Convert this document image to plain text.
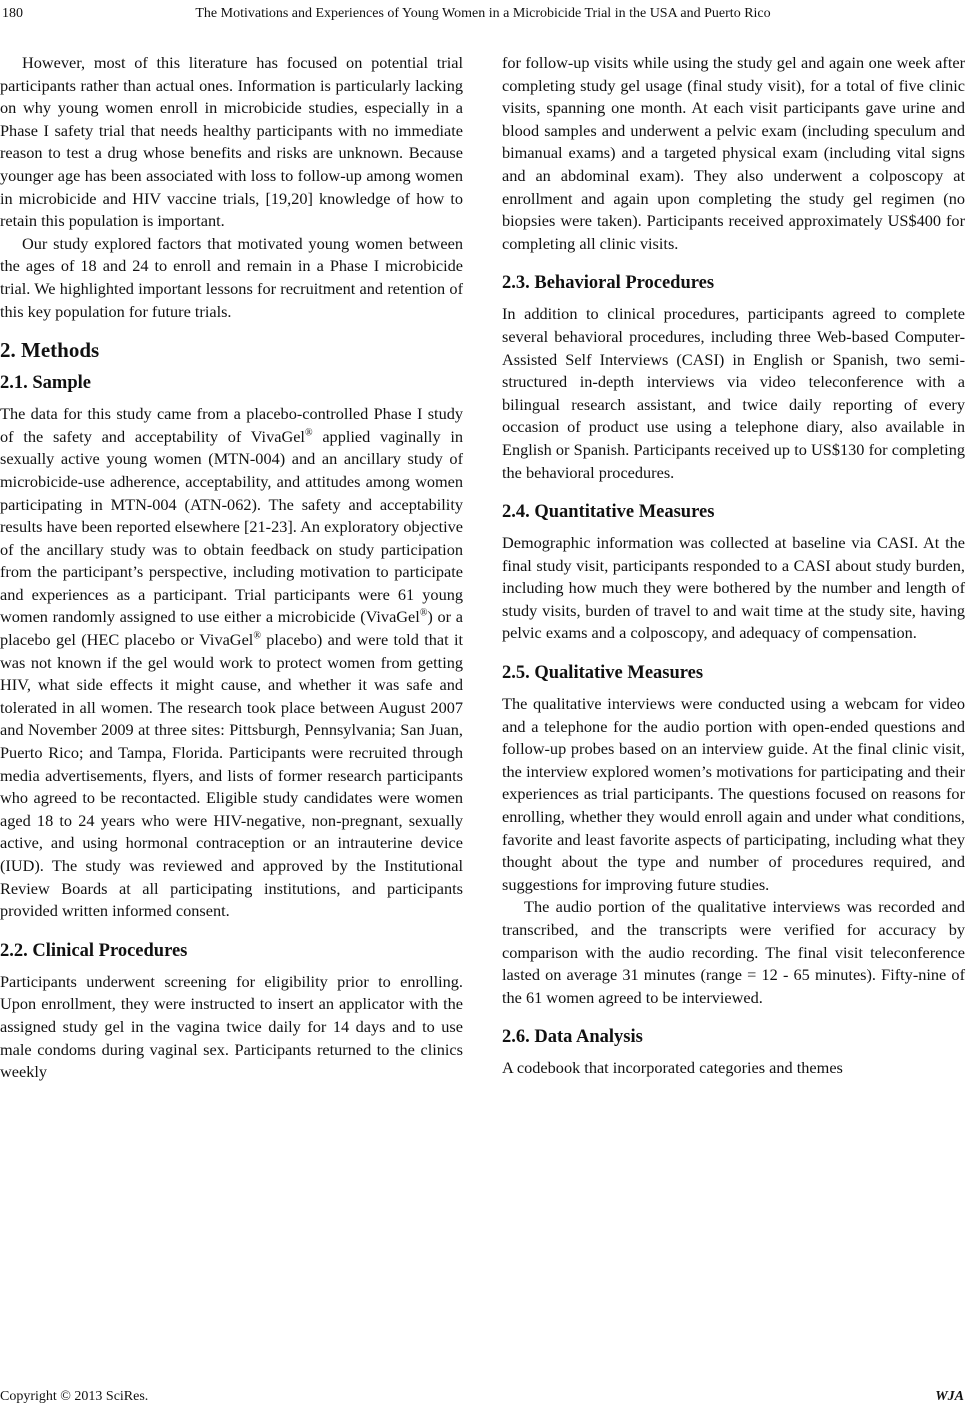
180	The Motivations and Experiences of Young Women in a Microbicide Trial in the USA and Puerto Rico

However, most of this literature has focused on potential trial participants rather than actual ones. Information is particularly lacking on why young women enroll in microbicide studies, especially in a Phase I safety trial that needs healthy participants with no immediate reason to test a drug whose benefits and risks are unknown. Because younger age has been associated with loss to follow-up among women in microbicide and HIV vaccine trials, [19,20] knowledge of how to retain this population is important.

Our study explored factors that motivated young women between the ages of 18 and 24 to enroll and remain in a Phase I microbicide trial. We highlighted important lessons for recruitment and retention of this key population for future trials.

2. Methods
2.1. Sample

The data for this study came from a placebo-controlled Phase I study of the safety and acceptability of VivaGel® applied vaginally in sexually active young women (MTN-004) and an ancillary study of microbicide-use adherence, acceptability, and attitudes among women participating in MTN-004 (ATN-062). The safety and acceptability results have been reported elsewhere [21-23]. An exploratory objective of the ancillary study was to obtain feedback on study participation from the participant’s perspective, including motivation to participate and experiences as a participant. Trial participants were 61 young women randomly assigned to use either a microbicide (VivaGel®) or a placebo gel (HEC placebo or VivaGel® placebo) and were told that it was not known if the gel would work to protect women from getting HIV, what side effects it might cause, and whether it was safe and tolerated in all women. The research took place between August 2007 and November 2009 at three sites: Pittsburgh, Pennsylvania; San Juan, Puerto Rico; and Tampa, Florida. Participants were recruited through media advertisements, flyers, and lists of former research participants who agreed to be recontacted. Eligible study candidates were women aged 18 to 24 years who were HIV-negative, non-pregnant, sexually active, and using hormonal contraception or an intrauterine device (IUD). The study was reviewed and approved by the Institutional Review Boards at all participating institutions, and participants provided written informed consent.

2.2. Clinical Procedures

Participants underwent screening for eligibility prior to enrolling. Upon enrollment, they were instructed to insert an applicator with the assigned study gel in the vagina twice daily for 14 days and to use male condoms during vaginal sex. Participants returned to the clinics weekly

for follow-up visits while using the study gel and again one week after completing study gel usage (final study visit), for a total of five clinic visits, spanning one month. At each visit participants gave urine and blood samples and underwent a pelvic exam (including speculum and bimanual exams) and a targeted physical exam (including vital signs and an abdominal exam). They also underwent a colposcopy at enrollment and again upon completing the study gel regimen (no biopsies were taken). Participants received approximately US$400 for completing all clinic visits.

2.3. Behavioral Procedures

In addition to clinical procedures, participants agreed to complete several behavioral procedures, including three Web-based Computer-Assisted Self Interviews (CASI) in English or Spanish, two semi-structured in-depth interviews via video teleconference with a bilingual research assistant, and twice daily reporting of every occasion of product use using a telephone diary, also available in English or Spanish. Participants received up to US$130 for completing the behavioral procedures.

2.4. Quantitative Measures

Demographic information was collected at baseline via CASI. At the final study visit, participants responded to a CASI about study burden, including how much they were bothered by the number and length of study visits, burden of travel to and wait time at the study site, having pelvic exams and a colposcopy, and adequacy of compensation.

2.5. Qualitative Measures

The qualitative interviews were conducted using a webcam for video and a telephone for the audio portion with open-ended questions and follow-up probes based on an interview guide. At the final clinic visit, the interview explored women’s motivations for participating and their experiences as trial participants. The questions focused on reasons for enrolling, whether they would enroll again and under what conditions, favorite and least favorite aspects of participating, including what they thought about the type and number of procedures required, and suggestions for improving future studies.

The audio portion of the qualitative interviews was recorded and transcribed, and the transcripts were verified for accuracy by comparison with the audio recording. The final visit teleconference lasted on average 31 minutes (range = 12 - 65 minutes). Fifty-nine of the 61 women agreed to be interviewed.

2.6. Data Analysis

A codebook that incorporated categories and themes

Copyright © 2013 SciRes.	WJA
